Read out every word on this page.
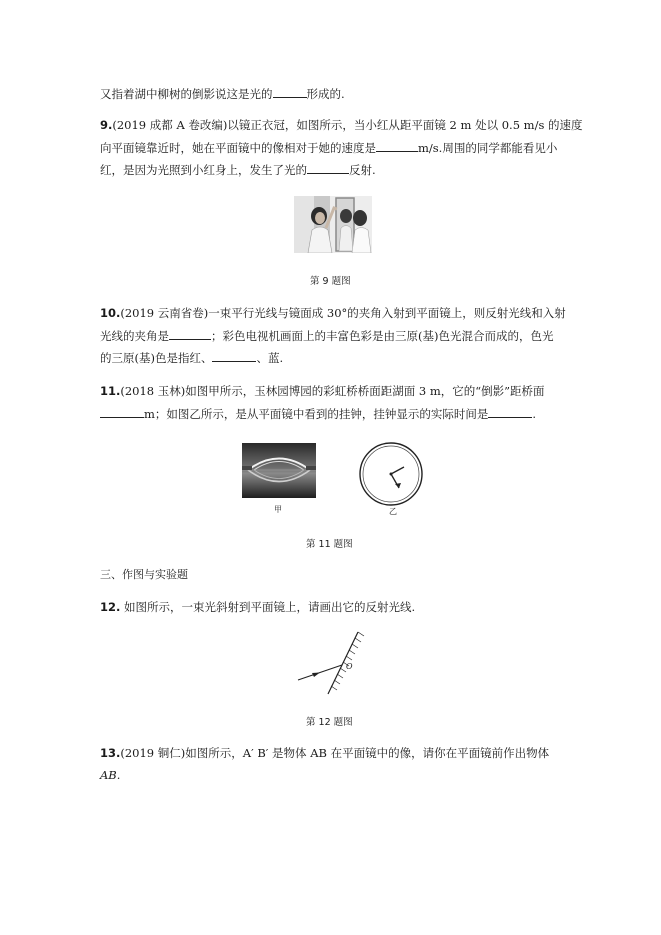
又指着湖中柳树的倒影说这是光的	形成的.
9.(2019 成都 A 卷改编)以镜正衣冠，如图所示，当小红从距平面镜 2 m 处以 0.5 m/s 的速度
向平面镜靠近时，她在平面镜中的像相对于她的速度是	m/s.周围的同学都能看见小
红，是因为光照到小红身上，发生了光的	反射.
第 9 题图
10.(2019 云南省卷)一束平行光线与镜面成 30°的夹角入射到平面镜上，则反射光线和入射
光线的夹角是	；彩色电视机画面上的丰富色彩是由三原(基)色光混合而成的，色光
的三原(基)色是指红、	、蓝.
11.(2018 玉林)如图甲所示，玉林园博园的彩虹桥桥面距湖面 3 m，它的“倒影”距桥面
m；如图乙所示，是从平面镜中看到的挂钟，挂钟显示的实际时间是	.
甲	乙
第 11 题图
三、作图与实验题
12. 如图所示，一束光斜射到平面镜上，请画出它的反射光线.
O
第 12 题图
13.(2019 铜仁)如图所示，A′ B′ 是物体 AB 在平面镜中的像，请你在平面镜前作出物体
AB.
